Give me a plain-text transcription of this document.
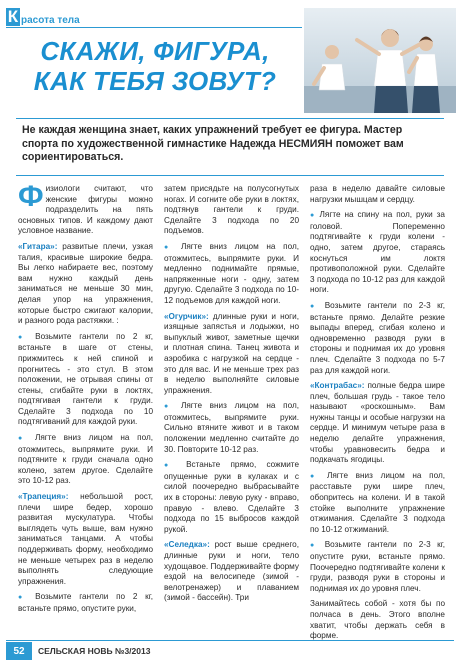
К расота тела
СКАЖИ, ФИГУРА,
КАК ТЕБЯ ЗОВУТ?
Не каждая женщина знает, каких упражнений требует ее фигура. Мастер спорта по художественной гимнастике Надежда НЕСМИЯН поможет вам сориентироваться.

Физиологи считают, что женские фигуры можно подразделить на пять основных типов. И каждому дают условное название.

«Гитара»: развитые плечи, узкая талия, красивые широкие бедра. Вы легко набираете вес, поэтому вам нужно каждый день заниматься не меньше 30 мин, делая упор на упражнения, которые быстро сжигают калории, и разного рода растяжки. :

● Возьмите гантели по 2 кг, встаньте в шаге от стены, прижмитесь к ней спиной и прогнитесь - это стул. В этом положении, не отрывая спины от стены, сгибайте руки в локтях, подтягивая гантели к груди. Сделайте 3 подхода по 10 подтягиваний для каждой руки.

● Лягте вниз лицом на пол, отожмитесь, выпрямите руки. И подтяните к груди сначала одно колено, затем другое. Сделайте это 10-12 раз.

«Трапеция»: небольшой рост, плечи шире бедер, хорошо развитая мускулатура. Чтобы выглядеть чуть выше, вам нужно заниматься танцами. А чтобы поддерживать форму, необходимо не меньше четырех раз в неделю выполнять следующие упражнения.

● Возьмите гантели по 2 кг, встаньте прямо, опустите руки,

затем присядьте на полусогнутых ногах. И согните обе руки в локтях, подтянув гантели к груди. Сделайте 3 подхода по 20 подъемов.

● Лягте вниз лицом на пол, отожмитесь, выпрямите руки. И медленно поднимайте прямые, напряженные ноги - одну, затем другую. Сделайте 3 подхода по 10-12 подъемов для каждой ноги.

«Огурчик»: длинные руки и ноги, изящные запястья и лодыжки, но выпуклый живот, заметные щечки и плотная спина. Танец живота и аэробика с нагрузкой на сердце - это для вас. И не меньше трех раз в неделю выполняйте силовые упражнения.

● Лягте вниз лицом на пол, отожмитесь, выпрямите руки. Сильно втяните живот и в таком положении медленно считайте до 30. Повторите 10-12 раз.

● Встаньте прямо, сожмите опущенные руки в кулаках и с силой поочередно выбрасывайте их в стороны: левую руку - вправо, правую - влево. Сделайте 3 подхода по 15 выбросов каждой рукой.

«Селедка»: рост выше среднего, длинные руки и ноги, тело худощавое. Поддерживайте форму ездой на велосипеде (зимой - велотренажер) и плаванием (зимой - бассейн). Три

раза в неделю давайте силовые нагрузки мышцам и сердцу.

● Лягте на спину на пол, руки за головой. Попеременно подтягивайте к груди колени - одно, затем другое, стараясь коснуться им локтя противоположной руки. Сделайте 3 подхода по 10-12 раз для каждой ноги.

● Возьмите гантели по 2-3 кг, встаньте прямо. Делайте резкие выпады вперед, сгибая колено и одновременно разводя руки в стороны и поднимая их до уровня плеч. Сделайте 3 подхода по 5-7 раз для каждой ноги.

«Контрабас»: полные бедра шире плеч, большая грудь - такое тело называют «роскошным». Вам нужны танцы и особые нагрузки на сердце. И минимум четыре раза в неделю делайте упражнения, чтобы уравновесить бедра и подкачать ягодицы.

● Лягте вниз лицом на пол, расставьте руки шире плеч, обопритесь на колени. И в такой стойке выполните упражнение отжимания. Сделайте 3 подхода по 10-12 отжиманий.

● Возьмите гантели по 2-3 кг, опустите руки, встаньте прямо. Поочередно подтягивайте колени к груди, разводя руки в стороны и поднимая их до уровня плеч.

Занимайтесь собой - хотя бы по полчаса в день. Этого вполне хватит, чтобы держать себя в форме.

52	СЕЛЬСКАЯ НОВЬ №3/2013
